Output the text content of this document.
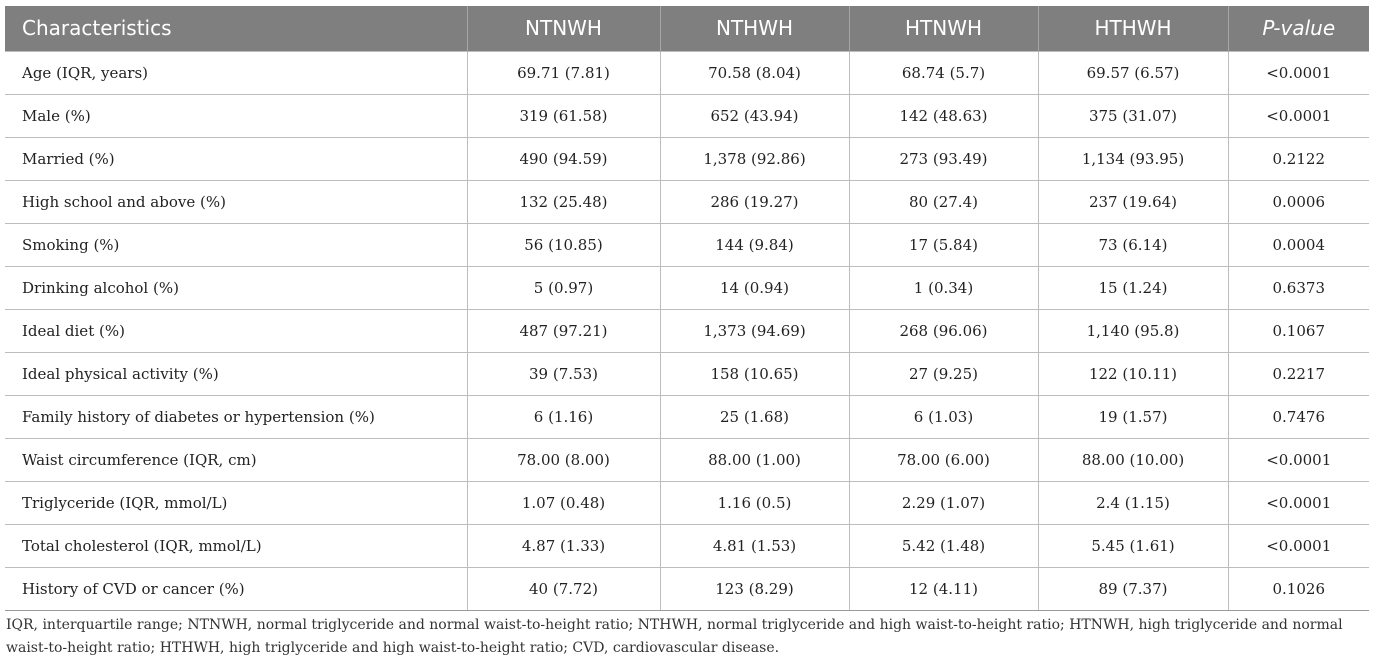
Characteristics	NTNWH	NTHWH	HTNWH	HTHWH	P-value
Age (IQR, years)	69.71 (7.81)	70.58 (8.04)	68.74 (5.7)	69.57 (6.57)	<0.0001
Male (%)	319 (61.58)	652 (43.94)	142 (48.63)	375 (31.07)	<0.0001
Married (%)	490 (94.59)	1,378 (92.86)	273 (93.49)	1,134 (93.95)	0.2122
High school and above (%)	132 (25.48)	286 (19.27)	80 (27.4)	237 (19.64)	0.0006
Smoking (%)	56 (10.85)	144 (9.84)	17 (5.84)	73 (6.14)	0.0004
Drinking alcohol (%)	5 (0.97)	14 (0.94)	1 (0.34)	15 (1.24)	0.6373
Ideal diet (%)	487 (97.21)	1,373 (94.69)	268 (96.06)	1,140 (95.8)	0.1067
Ideal physical activity (%)	39 (7.53)	158 (10.65)	27 (9.25)	122 (10.11)	0.2217
Family history of diabetes or hypertension (%)	6 (1.16)	25 (1.68)	6 (1.03)	19 (1.57)	0.7476
Waist circumference (IQR, cm)	78.00 (8.00)	88.00 (1.00)	78.00 (6.00)	88.00 (10.00)	<0.0001
Triglyceride (IQR, mmol/L)	1.07 (0.48)	1.16 (0.5)	2.29 (1.07)	2.4 (1.15)	<0.0001
Total cholesterol (IQR, mmol/L)	4.87 (1.33)	4.81 (1.53)	5.42 (1.48)	5.45 (1.61)	<0.0001
History of CVD or cancer (%)	40 (7.72)	123 (8.29)	12 (4.11)	89 (7.37)	0.1026

IQR, interquartile range; NTNWH, normal triglyceride and normal waist-to-height ratio; NTHWH, normal triglyceride and high waist-to-height ratio; HTNWH, high triglyceride and normal waist-to-height ratio; HTHWH, high triglyceride and high waist-to-height ratio; CVD, cardiovascular disease.
